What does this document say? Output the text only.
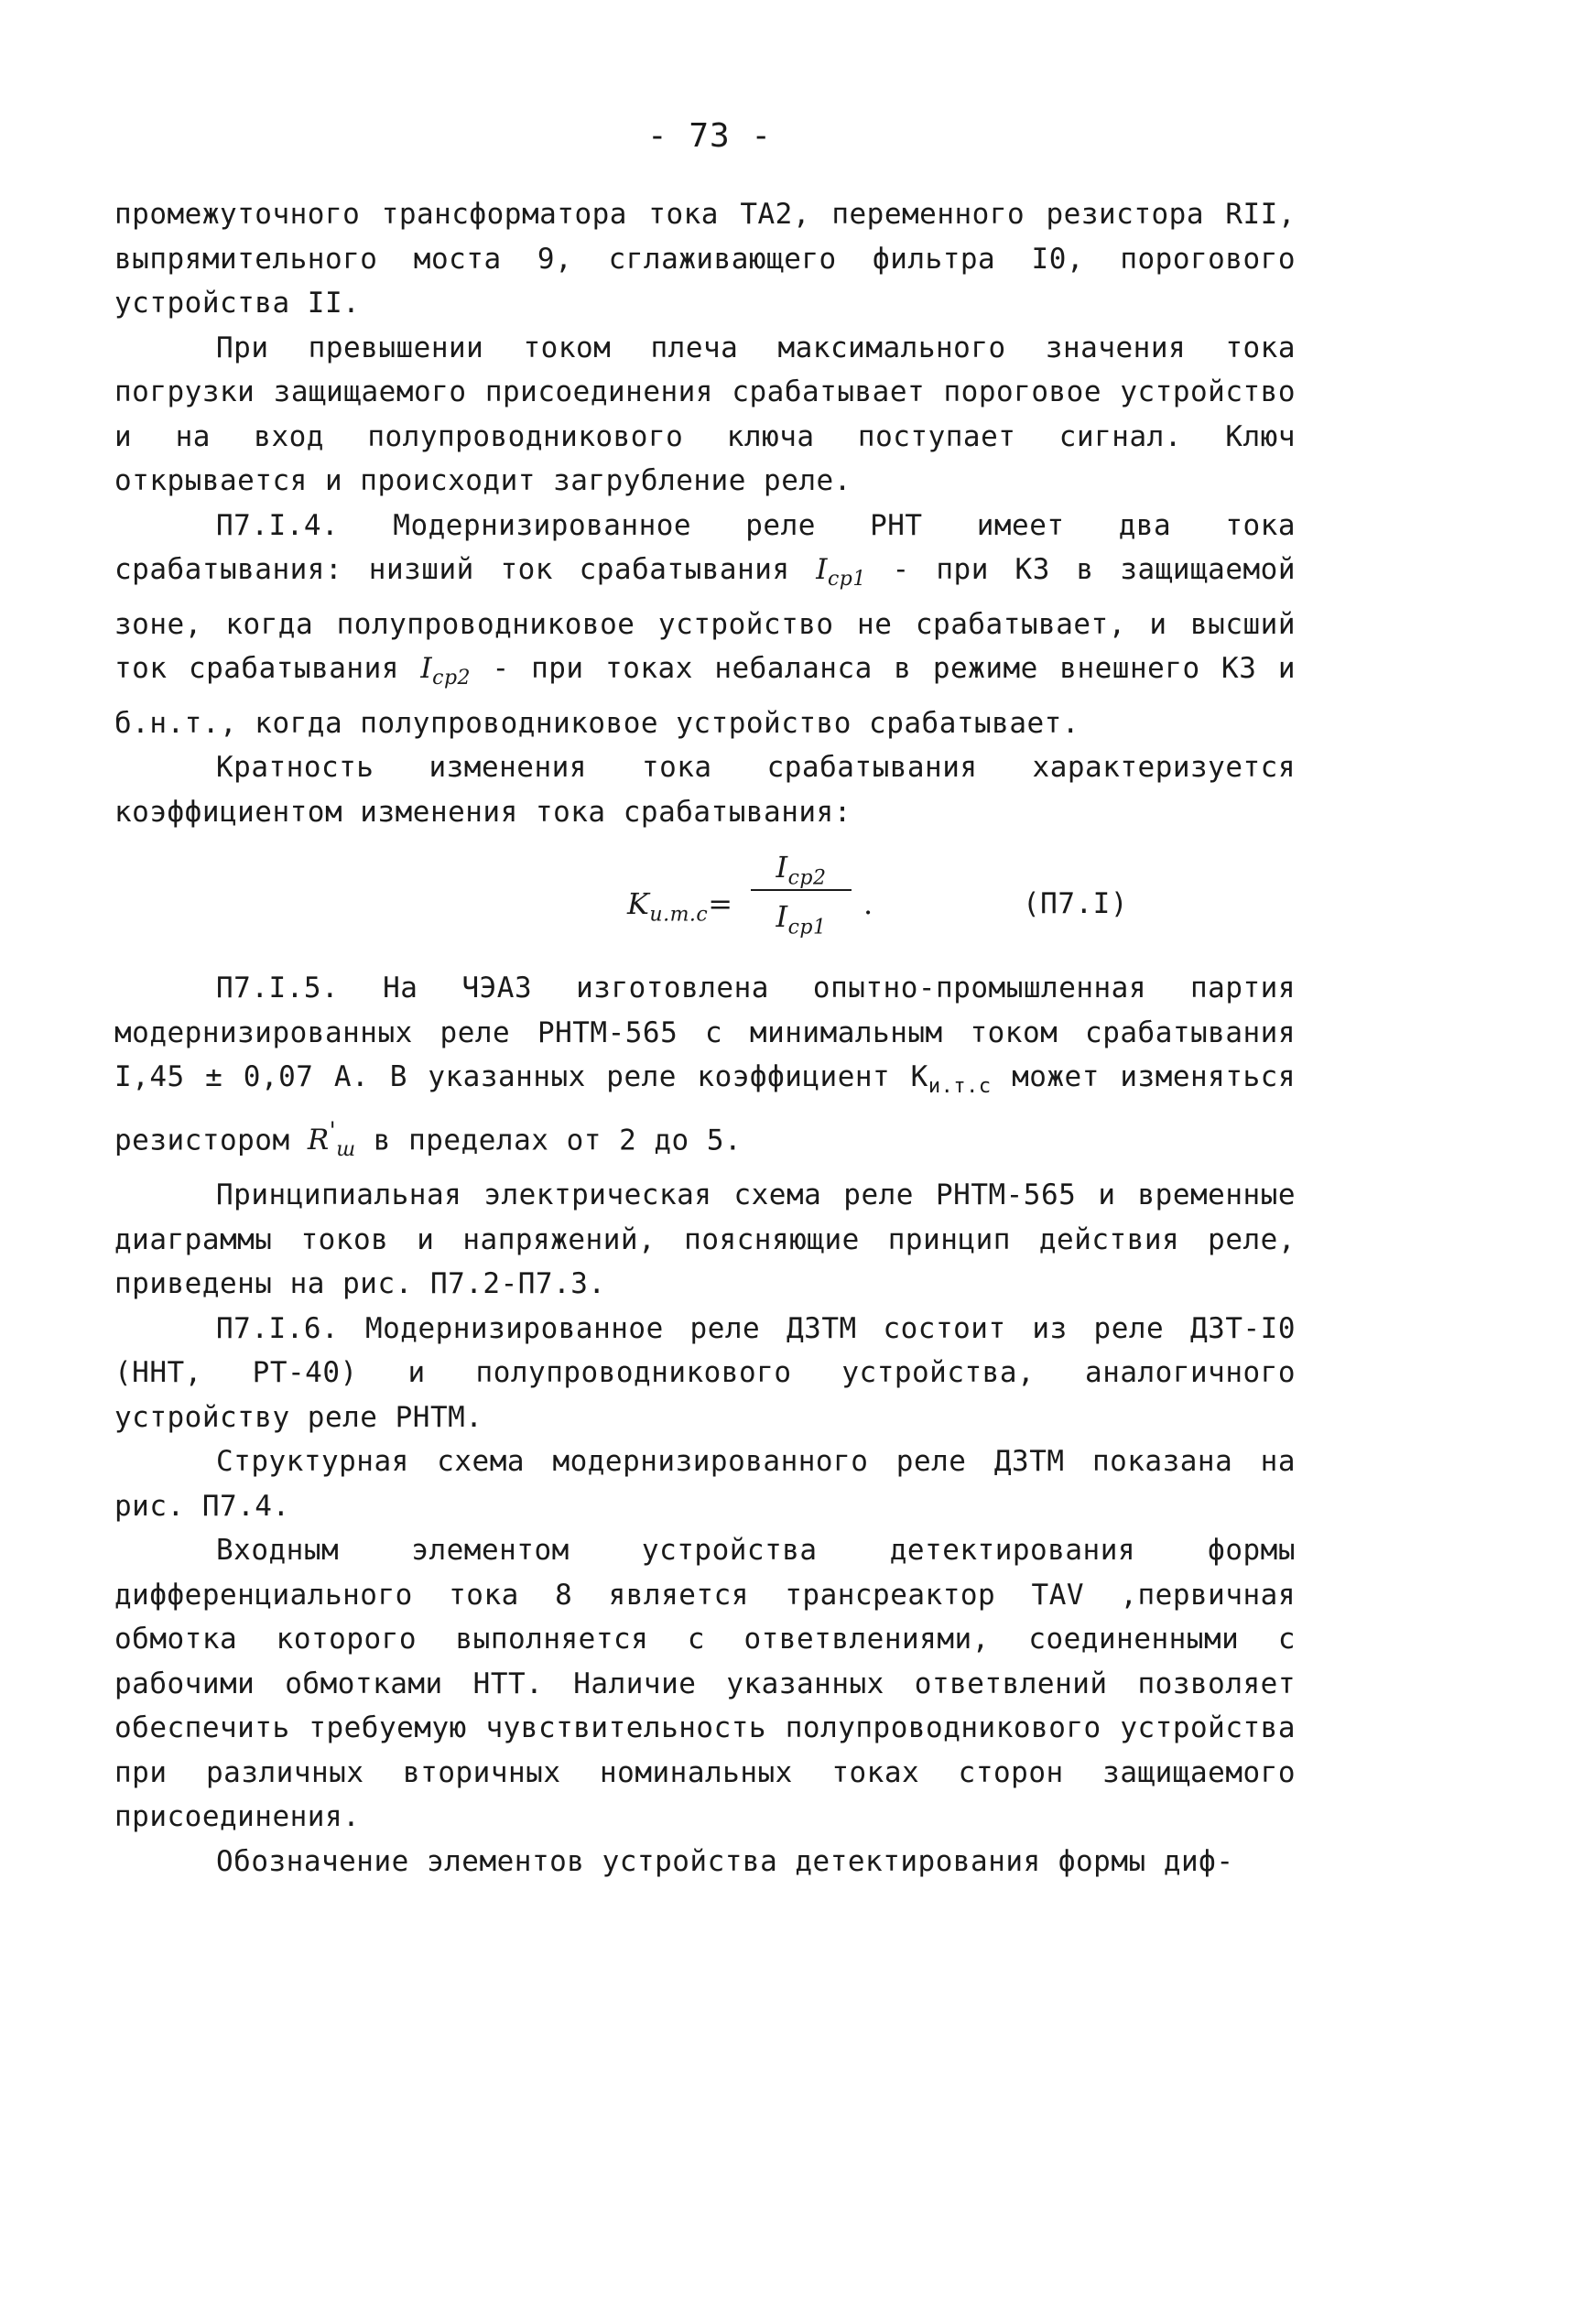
- 73 -

промежуточного трансформатора тока ТА2, переменного резистора RII, выпрямительного моста 9, сглаживающего фильтра I0, порогового устройства II.

При превышении током плеча максимального значения тока погрузки защищаемого присоединения срабатывает пороговое устройство и на вход полупроводникового ключа поступает сигнал. Ключ открывается и происходит загрубление реле.

П7.I.4. Модернизированное реле РНТ имеет два тока срабатывания: низший ток срабатывания $I_{ср1}$ - при КЗ в защищаемой зоне, когда полупроводниковое устройство не срабатывает, и высший ток срабатывания $I_{ср2}$ - при токах небаланса в режиме внешнего КЗ и б.н.т., когда полупроводниковое устройство срабатывает.

Кратность изменения тока срабатывания характеризуется коэффициентом изменения тока срабатывания:

$K_{и.т.с}=$
$I_{ср2}$
$I_{ср1}$
.	(П7.I)

П7.I.5. На ЧЭАЗ изготовлена опытно-промышленная партия модернизированных реле РНТМ-565 с минимальным током срабатывания I,45 ± 0,07 А. В указанных реле коэффициент $К_{и.т.с}$ может изменяться резистором $R'_ш$ в пределах от 2 до 5.

Принципиальная электрическая схема реле РНТМ-565 и временные диаграммы токов и напряжений, поясняющие принцип действия реле, приведены на рис. П7.2-П7.3.

П7.I.6. Модернизированное реле ДЗТМ состоит из реле ДЗТ-I0 (ННТ, РТ-40) и полупроводникового устройства, аналогичного устройству реле РНТМ.

Структурная схема модернизированного реле ДЗТМ показана на рис. П7.4.

Входным элементом устройства детектирования формы дифференциального тока 8 является трансреактор TAV ,первичная обмотка которого выполняется с ответвлениями, соединенными с рабочими обмотками НТТ. Наличие указанных ответвлений позволяет обеспечить требуемую чувствительность полупроводникового устройства при различных вторичных номинальных токах сторон защищаемого присоединения.

Обозначение элементов устройства детектирования формы диф-
